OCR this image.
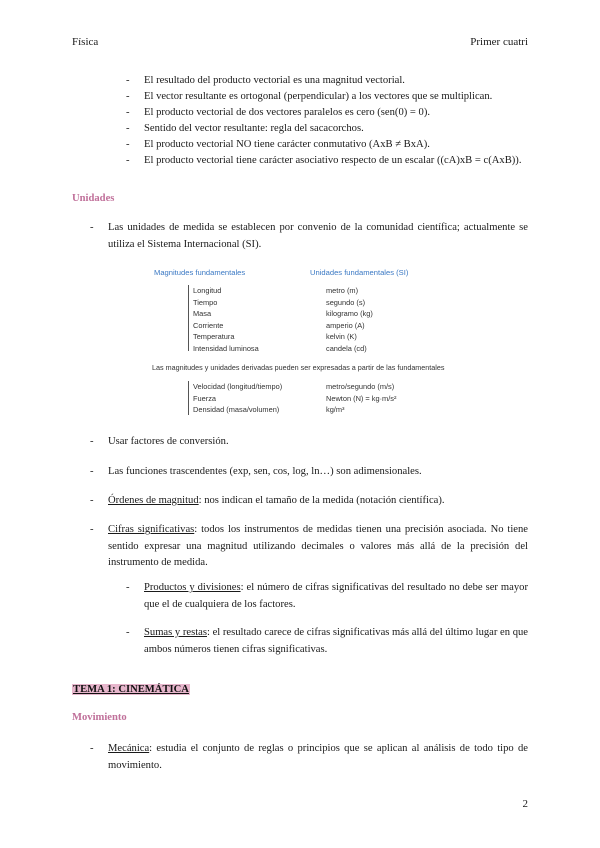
Física	Primer cuatri
- El resultado del producto vectorial es una magnitud vectorial.
- El vector resultante es ortogonal (perpendicular) a los vectores que se multiplican.
- El producto vectorial de dos vectores paralelos es cero (sen(0) = 0).
- Sentido del vector resultante: regla del sacacorchos.
- El producto vectorial NO tiene carácter conmutativo (AxB ≠ BxA).
- El producto vectorial tiene carácter asociativo respecto de un escalar ((cA)xB = c(AxB)).
Unidades
- Las unidades de medida se establecen por convenio de la comunidad científica; actualmente se utiliza el Sistema Internacional (SI).
Magnitudes fundamentales	Unidades fundamentales (SI)
Longitud
Tiempo
Masa
Corriente
Temperatura
Intensidad luminosa
metro (m)
segundo (s)
kilogramo (kg)
amperio (A)
kelvin (K)
candela (cd)
Las magnitudes y unidades derivadas pueden ser expresadas a partir de las fundamentales
Velocidad (longitud/tiempo)
Fuerza
Densidad (masa/volumen)
metro/segundo (m/s)
Newton (N) = kg·m/s²
kg/m³
- Usar factores de conversión.
- Las funciones trascendentes (exp, sen, cos, log, ln…) son adimensionales.
- Órdenes de magnitud: nos indican el tamaño de la medida (notación científica).
- Cifras significativas: todos los instrumentos de medidas tienen una precisión asociada. No tiene sentido expresar una magnitud utilizando decimales o valores más allá de la precisión del instrumento de medida.
- Productos y divisiones: el número de cifras significativas del resultado no debe ser mayor que el de cualquiera de los factores.
- Sumas y restas: el resultado carece de cifras significativas más allá del último lugar en que ambos números tienen cifras significativas.
TEMA 1: CINEMÁTICA
Movimiento
- Mecánica: estudia el conjunto de reglas o principios que se aplican al análisis de todo tipo de movimiento.
2
